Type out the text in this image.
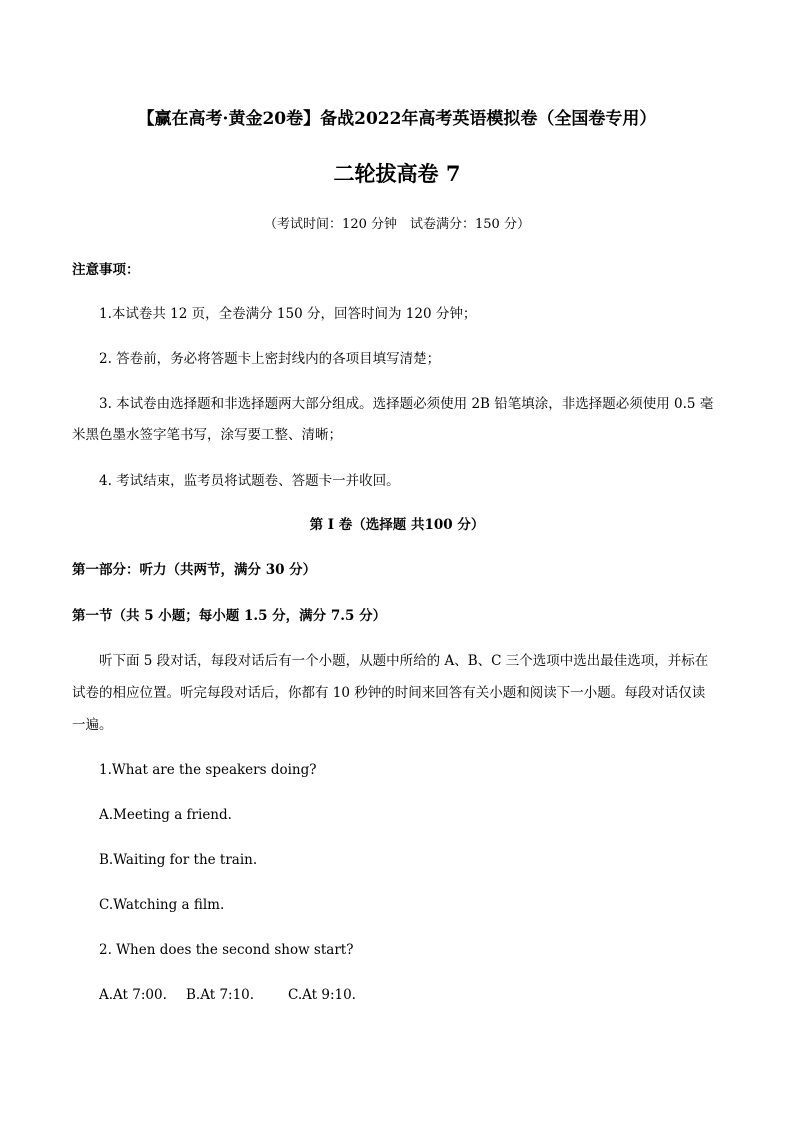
【赢在高考·黄金20卷】备战2022年高考英语模拟卷（全国卷专用）
二轮拔高卷 7
（考试时间：120 分钟　试卷满分：150 分）
注意事项：
1.本试卷共 12 页，全卷满分 150 分，回答时间为 120 分钟；
2. 答卷前，务必将答题卡上密封线内的各项目填写清楚；
3. 本试卷由选择题和非选择题两大部分组成。选择题必须使用 2B 铅笔填涂，非选择题必须使用 0.5 毫
米黑色墨水签字笔书写，涂写要工整、清晰；
4. 考试结束，监考员将试题卷、答题卡一并收回。
第 I 卷（选择题 共100 分）
第一部分：听力（共两节，满分 30 分）
第一节（共 5 小题；每小题 1.5 分，满分 7.5 分）
听下面 5 段对话，每段对话后有一个小题，从题中所给的 A、B、C 三个选项中选出最佳选项，并标在
试卷的相应位置。听完每段对话后，你都有 10 秒钟的时间来回答有关小题和阅读下一小题。每段对话仅读
一遍。
1.What are the speakers doing?
A.Meeting a friend.
B.Waiting for the train.
C.Watching a film.
2. When does the second show start?
A.At 7:00. B.At 7:10.	C.At 9:10.
